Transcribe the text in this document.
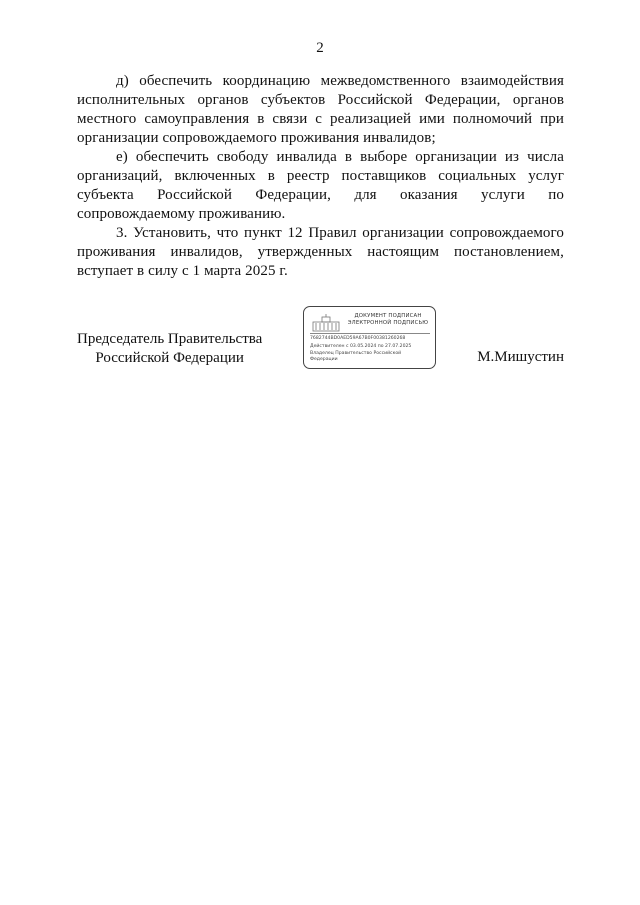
2

д) обеспечить координацию межведомственного взаимодействия исполнительных органов субъектов Российской Федерации, органов местного самоуправления в связи с реализацией ими полномочий при организации сопровождаемого проживания инвалидов;

е) обеспечить свободу инвалида в выборе организации из числа организаций, включенных в реестр поставщиков социальных услуг субъекта Российской Федерации, для оказания услуги по сопровождаемому проживанию.

3. Установить, что пункт 12 Правил организации сопровождаемого проживания инвалидов, утвержденных настоящим постановлением, вступает в силу с 1 марта 2025 г.

Председатель Правительства
Российской Федерации
ДОКУМЕНТ ПОДПИСАН
ЭЛЕКТРОННОЙ ПОДПИСЬЮ
7682744BD0AED59A67B0F00381260268
Действителен с 03.05.2024 по 27.07.2025
Владелец Правительство Российской
Федерации	М.Мишустин
